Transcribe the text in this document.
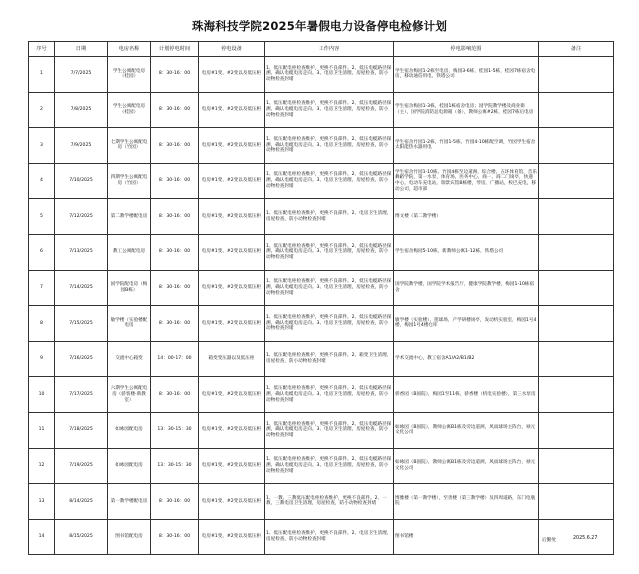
珠海科技学院2025年暑假电力设备停电检修计划
序号	日期	电房名称	计划停电时间	停电设备	工作内容	停电影响范围	备注
1	7/7/2025	学生公寓配电房（桂园）	8：30-16：00	电房#1变、#2变以及低压柜	1、低压配电柜检查维护，更换不良部件。2、低压电缆路径探测，确认电缆电房走向。3、电房卫生清理，房屋检查，防小动物检查封堵	学生宿舍梅园1-2栋至电房，梅园3-6栋，桂园1-5栋，桂园7栋宿舍电房，移动通信用电，铁塔公司	
2	7/8/2025	学生公寓配电房（桂园）	8：30-16：00	电房#1变、#2变以及低压柜	1、低压配电柜检查维护，更换不良部件。2、低压电缆路径探测，确认电缆电房走向。3、电房卫生清理，房屋检查，防小动物检查封堵	学生宿舍梅园1-3栋，桂园1栋宿舍电房；园学院教学楼及商业街（主），国学院消防总电源箱（备），教师公寓#2栋，桂园7栋后电房	
3	7/9/2025	七期学生公寓配电房（竹园）	8：30-16：00	电房#1变、#2变以及低压柜	1、低压配电柜检查维护，更换不良部件。2、低压电缆路径探测，确认电缆电房走向。3、电房卫生清理，房屋检查，防小动物检查封堵	学生宿舍竹园1-2栋，竹园1-5栋，竹园4-10栋配空调，竹园学生宿舍太阳能热水器用电	
4	7/10/2025	四期学生公寓配电房（竹园）	8：30-16：00	电房#1变、#2变以及低压柜	1、低压配电柜检查维护，更换不良部件。2、低压电缆路径探测，确认电缆电房走向。3、电房卫生清理，房屋检查，防小动物检查封堵	学生宿舍竹园1-10栋，竹园4栋至边道洲，综合楼，五环体育馆，音乐舞蹈学院，第一水泵，体育场，医务中心，商一、商二门岗亭，快递中心，电动车充电站，瑞景宾馆B栋楼，琴房，广播站，校巴充电，移动公司，超市部	
5	7/12/2025	第二教学楼配电房	8：30-16：00	电房#1变、#2变以及低压柜	1、低压配电柜检查维护，更换不良部件。2、电房卫生清理，房屋检查，防小动物检查封堵	博文楼（第二教学楼）	
6	7/13/2025	教工公寓配电房	8：30-16：00	电房#1变、#2变以及低压柜	1、低压配电柜检查维护，更换不良部件。2、低压电缆路径探测，确认电缆电房走向。3、电房卫生清理，房屋检查，防小动物检查封堵	学生宿舍梅园5-10栋，新教师公寓1-12栋，铁塔公司	
7	7/14/2025	国学院配电房（梅园B栋）	8：30-16：00	电房#1变、#2变以及低压柜	1、低压配电柜检查维护，更换不良部件。2、低压电缆路径探测，确认电缆电房走向。3、电房卫生清理，房屋检查，防小动物检查封堵	国学院教学楼，国学院学术报告厅，健康学院教学楼，梅园1-10栋宿舍	
8	7/15/2025	敏学楼（实验楼配电房	8：30-16：00	电房#1变、#2变以及低压柜	1、低压配电柜检查维护，更换不良部件。2、低压电缆路径探测，确认电缆电房走向。3、电房卫生清理，房屋检查，防小动物检查封堵	敏学楼（实验楼），莲球场，产学研楼岗亭，发动机实验室，梅园1号4楼，梅园1号4楼仓库	
9	7/16/2025	交流中心箱变	14：00-17：00	箱变变压器以及低压柜	1、低压配电柜检查维护，更换不良部件。2、箱变卫生清理，房屋检查，防小动物检查封堵	学术交流中心，教工宿舍A1/A2/B1/B2	
10	7/17/2025	六期学生公寓配电房（骄客楼-新教室）	8：30-16：00	电房#1变、#2变以及低压柜	1、低压配电柜检查维护，更换不良部件。2、低压电缆路径探测，确认电缆电房走向。3、电房卫生清理，房屋检查，防小动物检查封堵	骄香园（B国院），梅园1至11栋，骄香楼（机电实验楼），第三水泵房	
11	7/18/2025	如咏园配电房	13：30-15：30	电房#1变、#2变以及低压柜	1、低压配电柜检查维护，更换不良部件。2、低压电缆路径探测，确认电缆电房走向。3、电房卫生清理，房屋检查，防小动物检查封堵	如咏园（B国院），教师公寓B1栋及旁边道洲，风雨球场主阵台，禄元文化公司	
12	7/19/2025	如咏园配电房	13：30-15：30	电房#1变、#2变以及低压柜	1、低压配电柜检查维护，更换不良部件。2、低压电缆路径探测，确认电缆电房走向。3、电房卫生清理，房屋检查，防小动物检查封堵	如咏园（B国院），教师公寓B1栋及旁边道洲，风雨球场主阵台，禄元文化公司	
13	8/14/2025	第一教学楼配电房	8：30-16：00	电房#1变、#2变以及低压柜	1、一教、三教低压配电柜检查维护，更换不良部件。2、一教、三教电房卫生清理，房屋检查，防小动物检查封堵	博雅楼（第一教学楼），至善楼（第三教学楼）及四周道路，东门电瓶院	
14	8/15/2025	图书馆配电房	8：30-16：00	电房#1变、#2变以及低压柜	1、低压配电柜检查维护，更换不良部件。2、电房卫生清理，房屋检查，防小动物检查封堵	图书馆楼	
后勤处	2025.6.27
